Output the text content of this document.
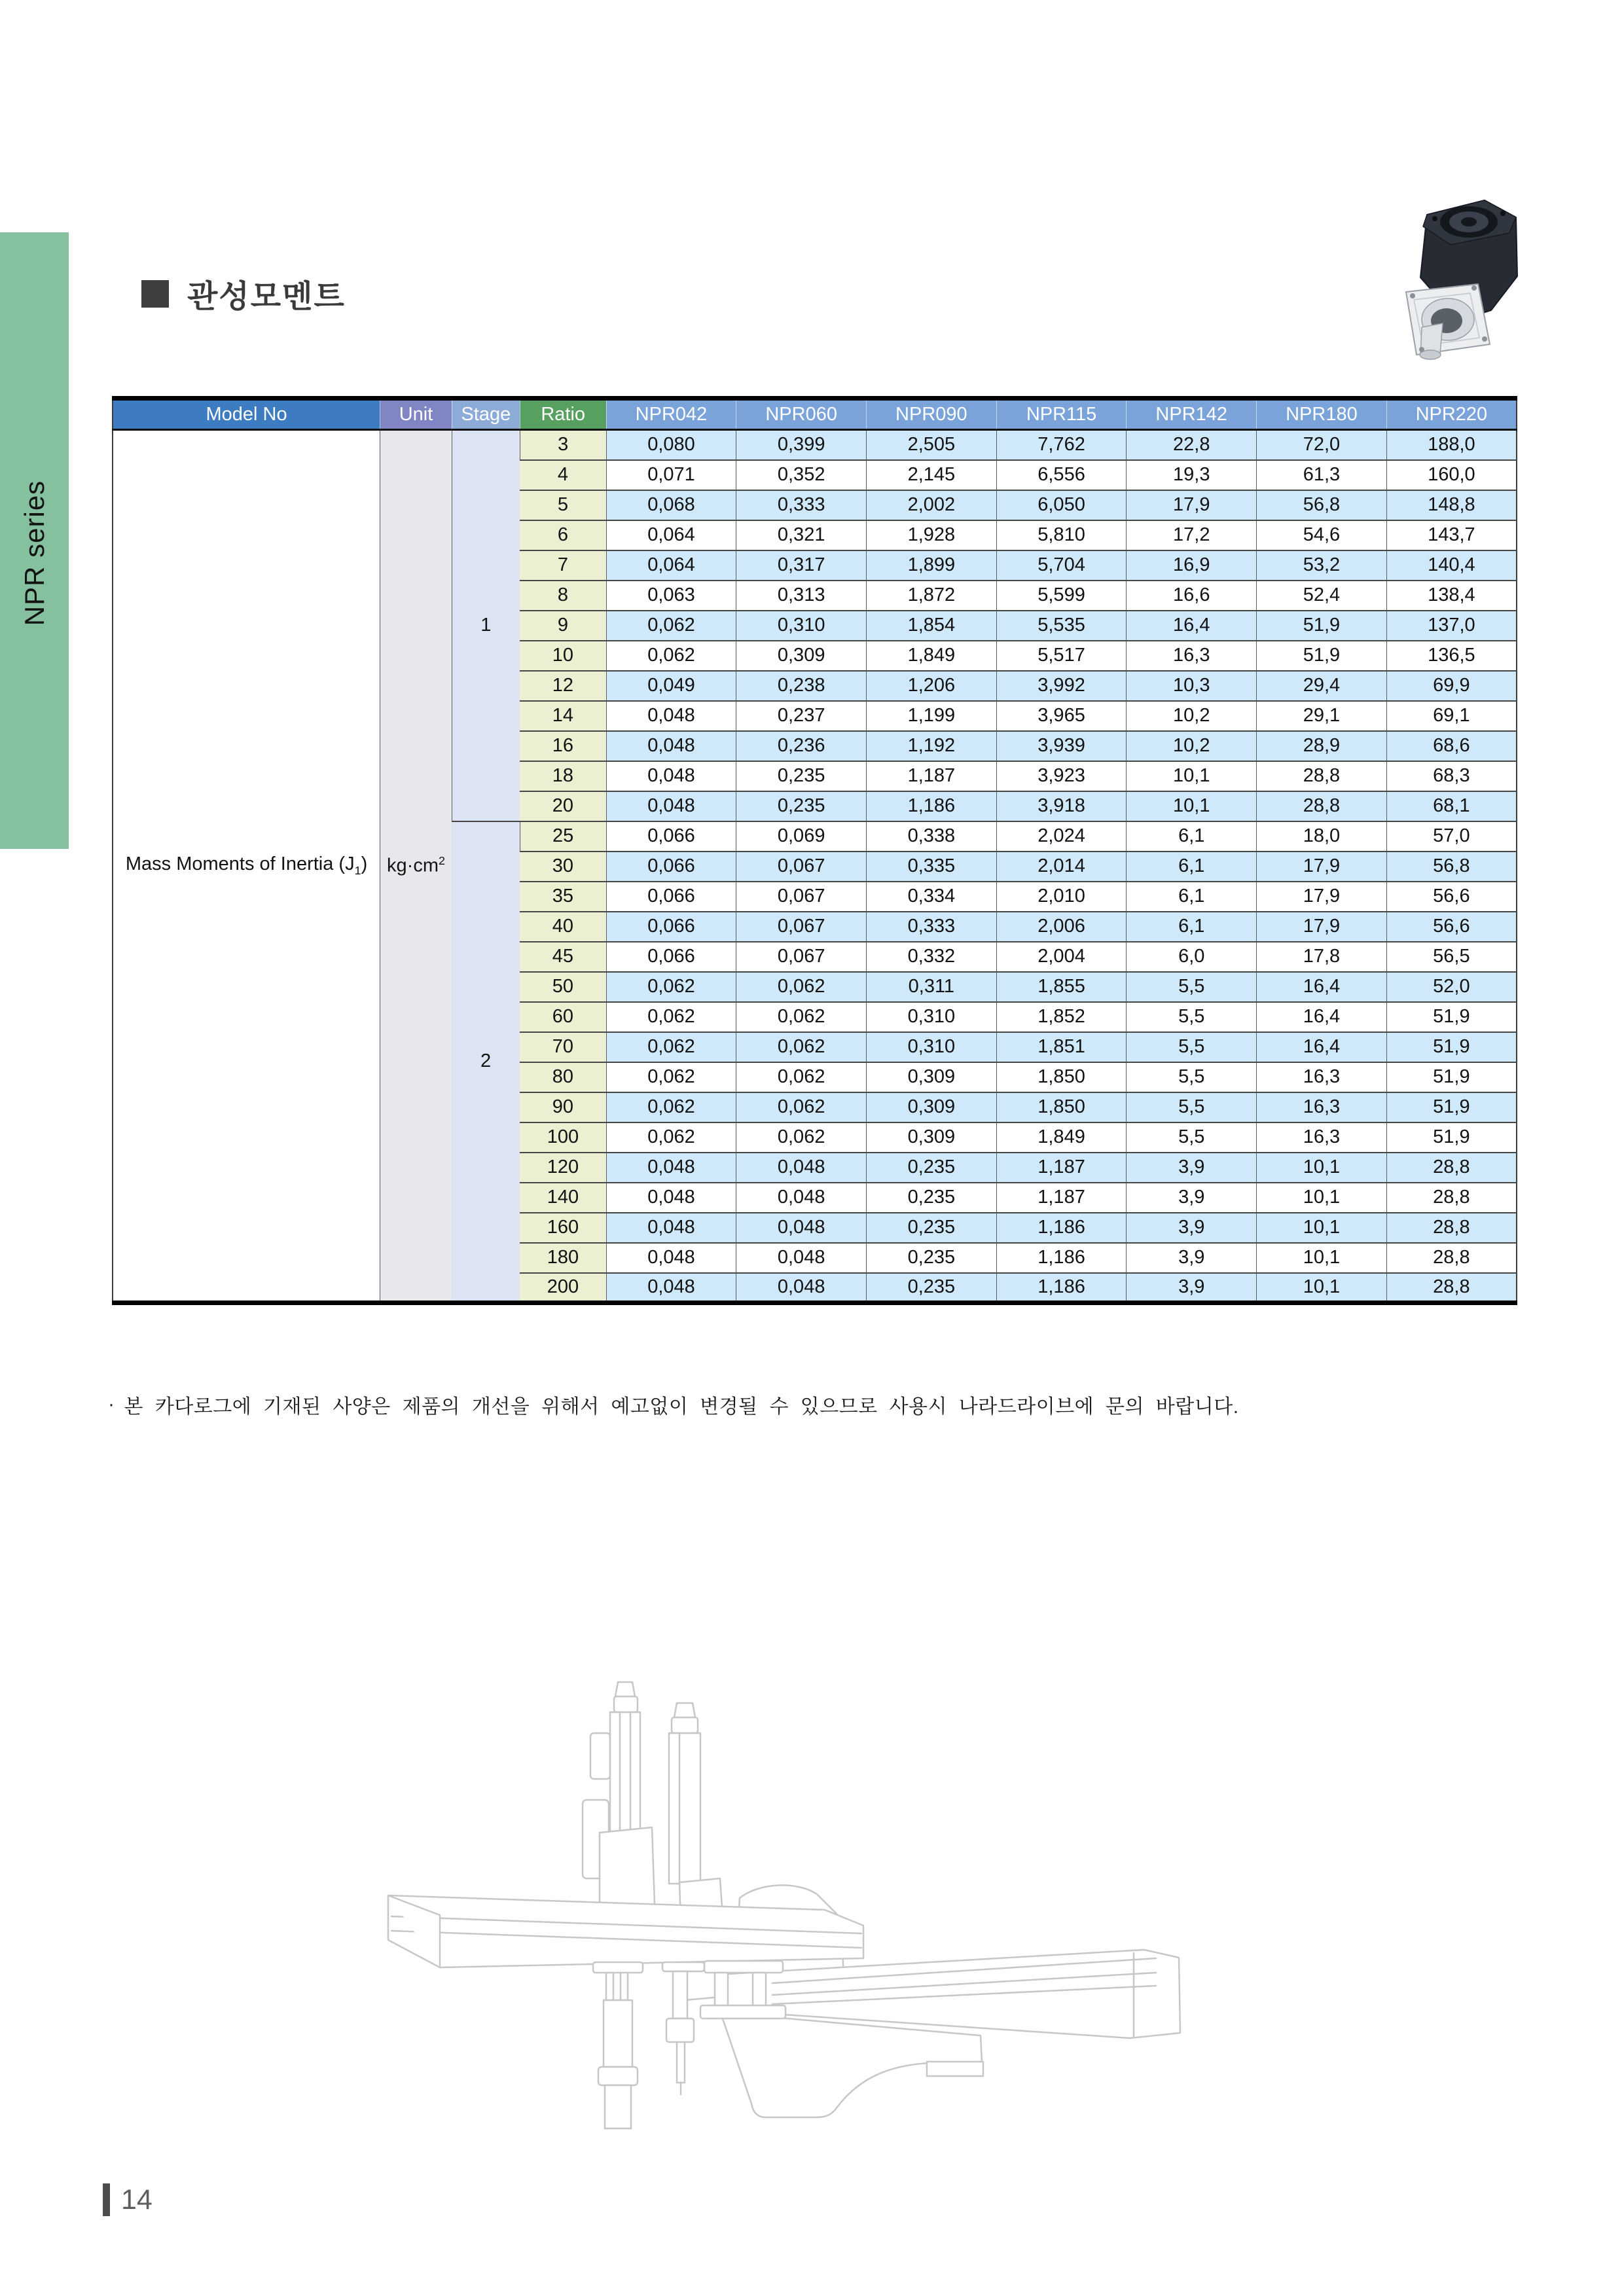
NPR series
관성모멘트
Model No	Unit	Stage	Ratio	NPR042	NPR060	NPR090	NPR115	NPR142	NPR180	NPR220
Mass Moments of Inertia $(J_1)$	$kg\cdot cm^2$	1	3	0,080	0,399	2,505	7,762	22,8	72,0	188,0
			4	0,071	0,352	2,145	6,556	19,3	61,3	160,0
			5	0,068	0,333	2,002	6,050	17,9	56,8	148,8
			6	0,064	0,321	1,928	5,810	17,2	54,6	143,7
			7	0,064	0,317	1,899	5,704	16,9	53,2	140,4
			8	0,063	0,313	1,872	5,599	16,6	52,4	138,4
			9	0,062	0,310	1,854	5,535	16,4	51,9	137,0
			10	0,062	0,309	1,849	5,517	16,3	51,9	136,5
			12	0,049	0,238	1,206	3,992	10,3	29,4	69,9
			14	0,048	0,237	1,199	3,965	10,2	29,1	69,1
			16	0,048	0,236	1,192	3,939	10,2	28,9	68,6
			18	0,048	0,235	1,187	3,923	10,1	28,8	68,3
			20	0,048	0,235	1,186	3,918	10,1	28,8	68,1
		2	25	0,066	0,069	0,338	2,024	6,1	18,0	57,0
			30	0,066	0,067	0,335	2,014	6,1	17,9	56,8
			35	0,066	0,067	0,334	2,010	6,1	17,9	56,6
			40	0,066	0,067	0,333	2,006	6,1	17,9	56,6
			45	0,066	0,067	0,332	2,004	6,0	17,8	56,5
			50	0,062	0,062	0,311	1,855	5,5	16,4	52,0
			60	0,062	0,062	0,310	1,852	5,5	16,4	51,9
			70	0,062	0,062	0,310	1,851	5,5	16,4	51,9
			80	0,062	0,062	0,309	1,850	5,5	16,3	51,9
			90	0,062	0,062	0,309	1,850	5,5	16,3	51,9
			100	0,062	0,062	0,309	1,849	5,5	16,3	51,9
			120	0,048	0,048	0,235	1,187	3,9	10,1	28,8
			140	0,048	0,048	0,235	1,187	3,9	10,1	28,8
			160	0,048	0,048	0,235	1,186	3,9	10,1	28,8
			180	0,048	0,048	0,235	1,186	3,9	10,1	28,8
			200	0,048	0,048	0,235	1,186	3,9	10,1	28,8

· 본 카다로그에 기재된 사양은 제품의 개선을 위해서 예고없이 변경될 수 있으므로 사용시 나라드라이브에 문의 바랍니다.

14
